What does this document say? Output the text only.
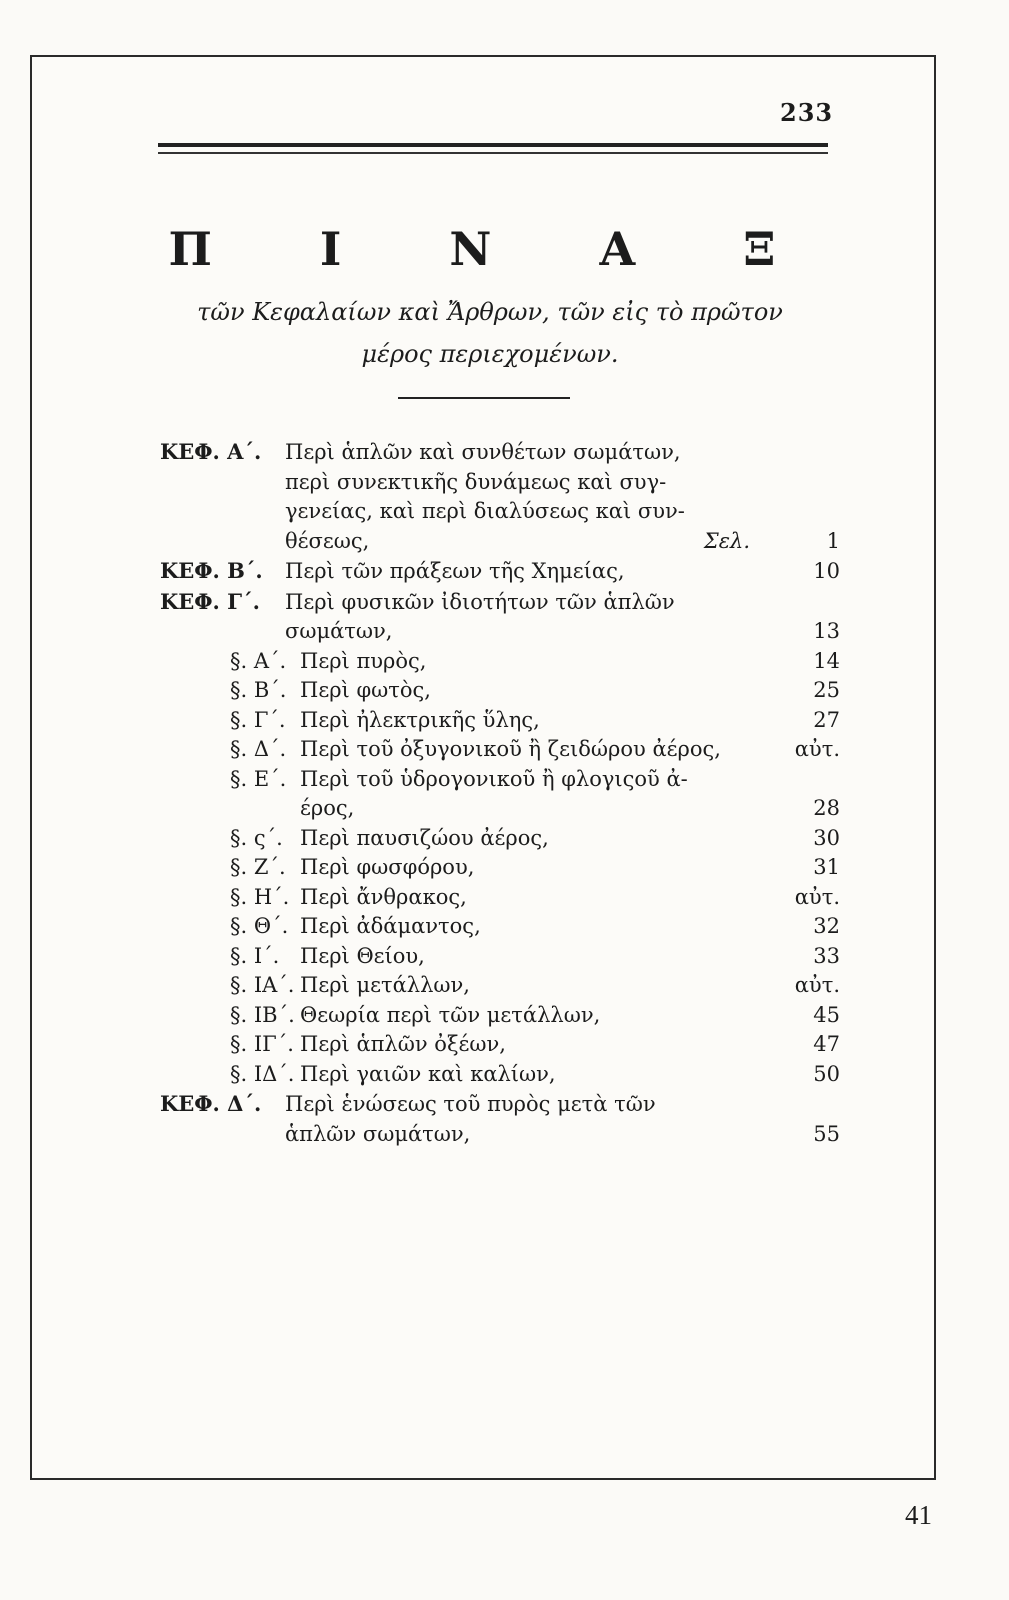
233
Π Ι Ν Α Ξ
τῶν Κεφαλαίων καὶ Ἄρθρων, τῶν εἰς τὸ πρῶτον
μέρος περιεχομένων.
ΚΕΦ. Α΄. Περὶ ἁπλῶν καὶ συνθέτων σωμάτων,
περὶ συνεκτικῆς δυνάμεως καὶ συγ-
γενείας, καὶ περὶ διαλύσεως καὶ συν-
θέσεως,	Σελ.	1
ΚΕΦ. Β΄. Περὶ τῶν πράξεων τῆς Χημείας,	10
ΚΕΦ. Γ΄. Περὶ φυσικῶν ἰδιοτήτων τῶν ἁπλῶν
σωμάτων,	13
§. Α΄. Περὶ πυρὸς,	14
§. Β΄. Περὶ φωτὸς,	25
§. Γ΄. Περὶ ἠλεκτρικῆς ὕλης,	27
§. Δ΄. Περὶ τοῦ ὀξυγονικοῦ ἢ ζειδώρου ἀέρος,	αὐτ.
§. Ε΄. Περὶ τοῦ ὑδρογονικοῦ ἢ φλογιςοῦ ἀ-
έρος,	28
§. ς΄. Περὶ παυσιζώου ἀέρος,	30
§. Ζ΄. Περὶ φωσφόρου,	31
§. Η΄. Περὶ ἄνθρακος,	αὐτ.
§. Θ΄. Περὶ ἀδάμαντος,	32
§. Ι΄. Περὶ Θείου,	33
§. ΙΑ΄. Περὶ μετάλλων,	αὐτ.
§. ΙΒ΄. Θεωρία περὶ τῶν μετάλλων,	45
§. ΙΓ΄. Περὶ ἁπλῶν ὀξέων,	47
§. ΙΔ΄. Περὶ γαιῶν καὶ καλίων,	50
ΚΕΦ. Δ΄. Περὶ ἑνώσεως τοῦ πυρὸς μετὰ τῶν
ἁπλῶν σωμάτων,	55
41
